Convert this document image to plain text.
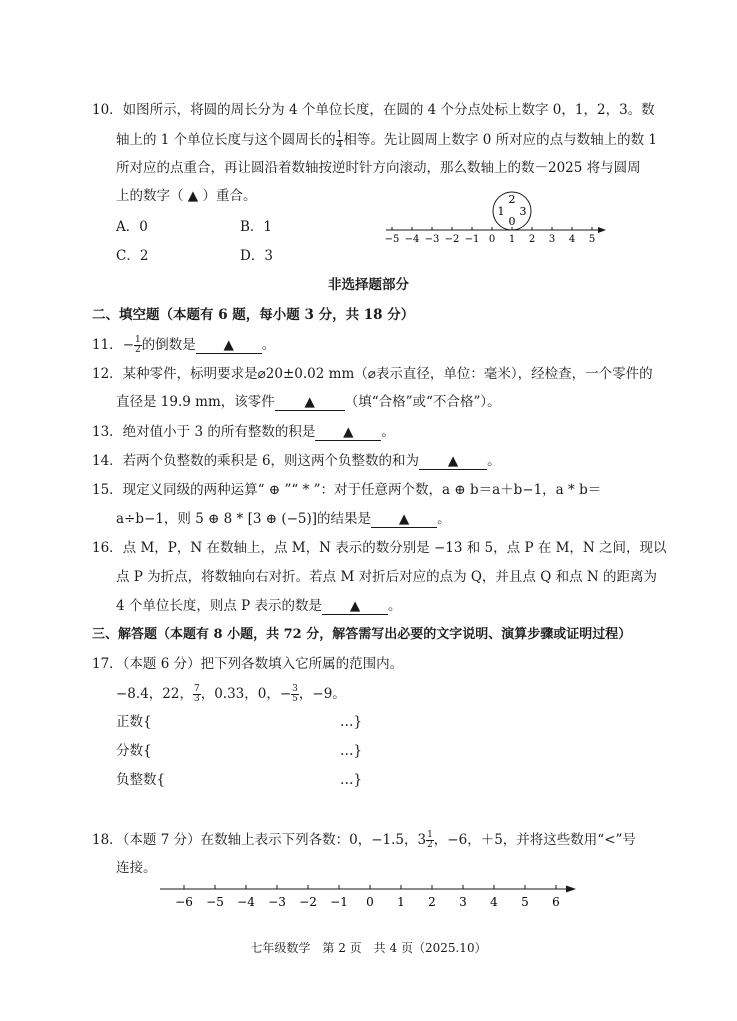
10．如图所示，将圆的周长分为 4 个单位长度，在圆的 4 个分点处标上数字 0，1，2，3。数
轴上的 1 个单位长度与这个圆周长的 $\frac{1}{4}$ 相等。先让圆周上数字 0 所对应的点与数轴上的数 1
所对应的点重合，再让圆沿着数轴按逆时针方向滚动，那么数轴上的数－2025 将与圆周
上的数字（ ▲ ）重合。
A．0	B．1
C．2	D．3
2
1 3
0
−5 −4 −3 −2 −1 0 1 2 3 4 5
非选择题部分
二、填空题（本题有 6 题，每小题 3 分，共 18 分）
11．− $\frac{1}{2}$ 的倒数是 ▲ 。
12．某种零件，标明要求是⌀20±0.02 mm（⌀表示直径，单位：毫米），经检查，一个零件的
直径是 19.9 mm，该零件 ▲ （填“合格”或“不合格”）。
13．绝对值小于 3 的所有整数的积是 ▲ 。
14．若两个负整数的乘积是 6，则这两个负整数的和为 ▲ 。
15．现定义同级的两种运算“ ⊕ ”“ * ”：对于任意两个数，a ⊕ b＝a＋b−1，a * b＝
a÷b−1，则 5 ⊕ 8 * [3 ⊕ (−5)]的结果是 ▲ 。
16．点 M，P，N 在数轴上，点 M，N 表示的数分别是 −13 和 5，点 P 在 M，N 之间，现以
点 P 为折点，将数轴向右对折。若点 M 对折后对应的点为 Q，并且点 Q 和点 N 的距离为
4 个单位长度，则点 P 表示的数是 ▲ 。
三、解答题（本题有 8 小题，共 72 分，解答需写出必要的文字说明、演算步骤或证明过程）
17．（本题 6 分）把下列各数填入它所属的范围内。
−8.4，22， $\frac{7}{3}$ ，0.33，0，− $\frac{3}{5}$ ，−9。
正数{	…}
分数{	…}
负整数{	…}
18．（本题 7 分）在数轴上表示下列各数：0，−1.5，$3 \frac{1}{2}$ ，−6，＋5，并将这些数用“<”号
连接。
−6 −5 −4 −3 −2 −1 0 1 2 3 4 5 6
七年级数学　第 2 页　共 4 页（2025.10）
